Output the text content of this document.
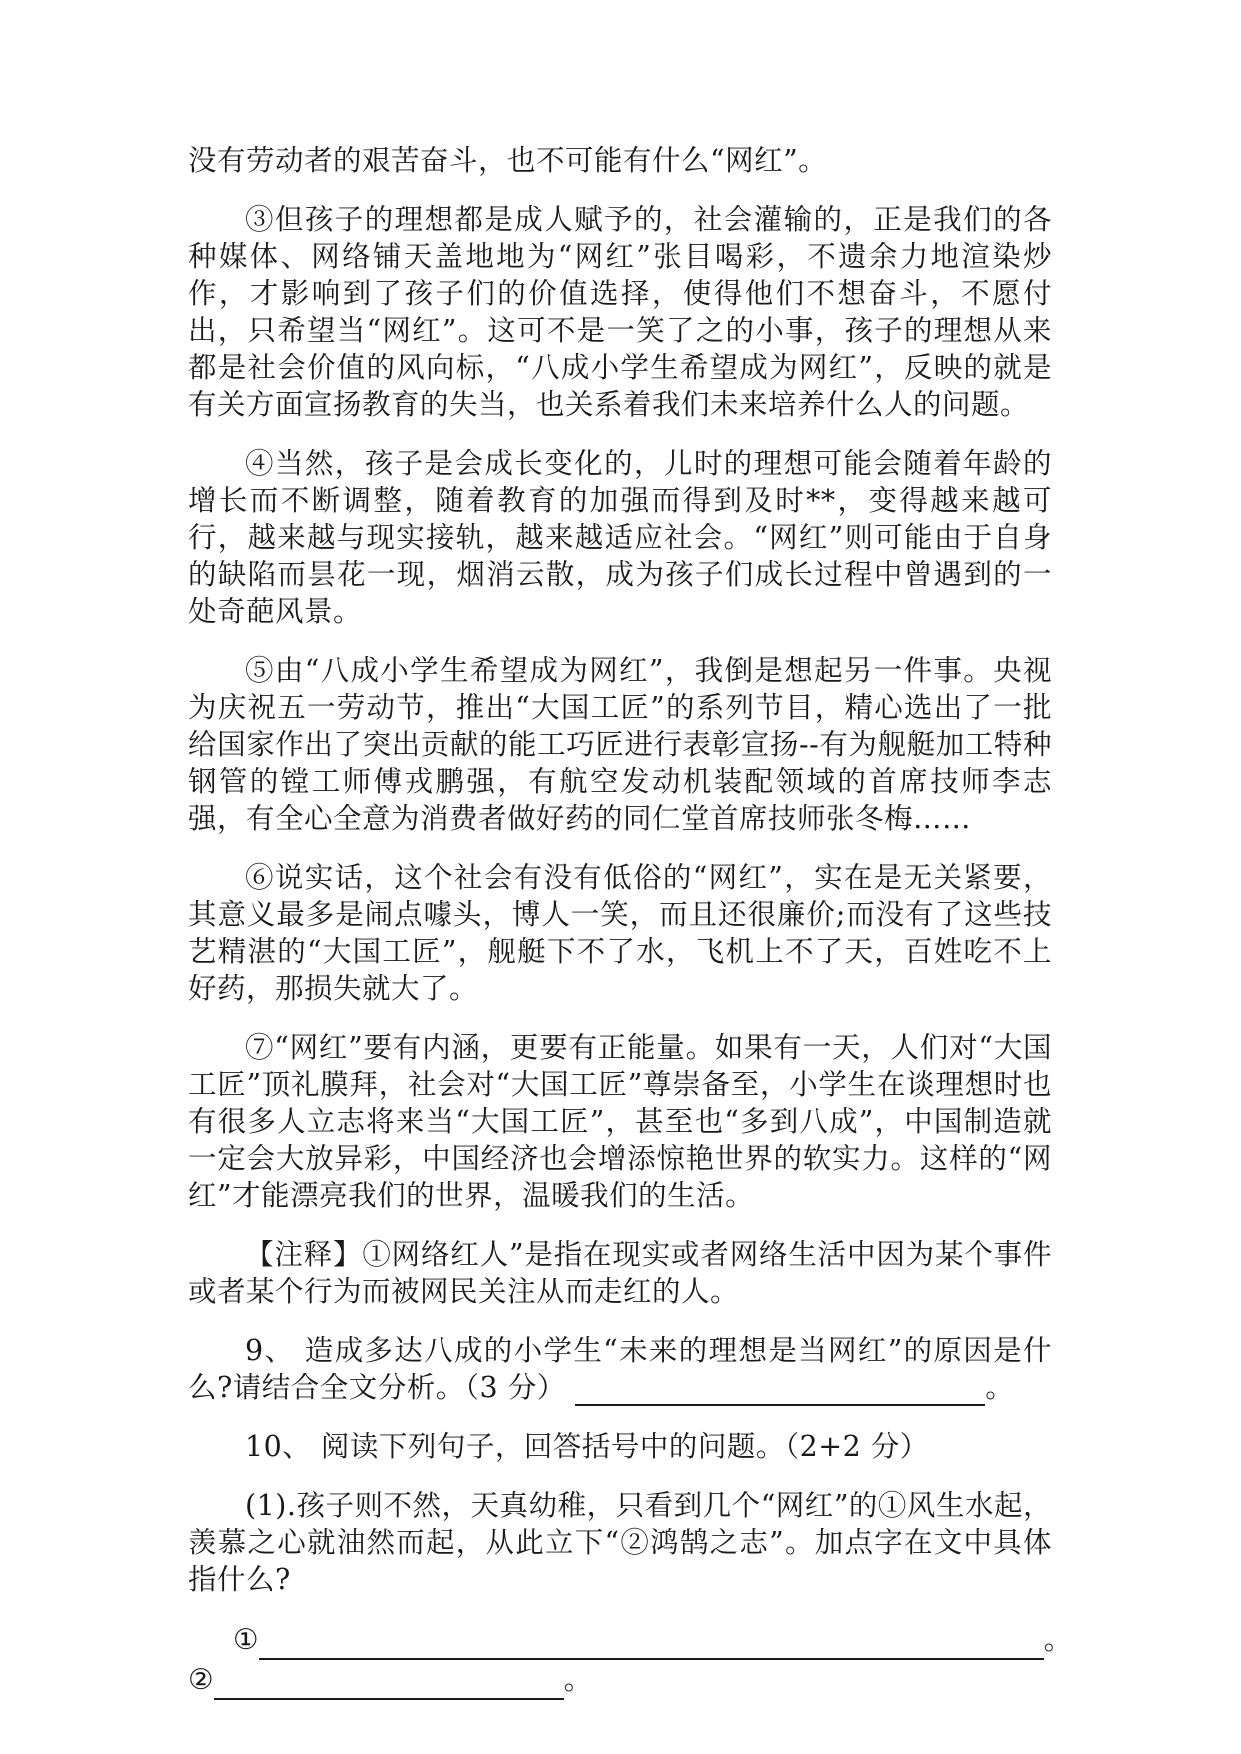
没有劳动者的艰苦奋斗，也不可能有什么“网红”。

③但孩子的理想都是成人赋予的，社会灌输的，正是我们的各种媒体、网络铺天盖地地为“网红”张目喝彩，不遗余力地渲染炒作，才影响到了孩子们的价值选择，使得他们不想奋斗，不愿付出，只希望当“网红”。这可不是一笑了之的小事，孩子的理想从来都是社会价值的风向标，“八成小学生希望成为网红”，反映的就是有关方面宣扬教育的失当，也关系着我们未来培养什么人的问题。

④当然，孩子是会成长变化的，儿时的理想可能会随着年龄的增长而不断调整，随着教育的加强而得到及时**，变得越来越可行，越来越与现实接轨，越来越适应社会。“网红”则可能由于自身的缺陷而昙花一现，烟消云散，成为孩子们成长过程中曾遇到的一处奇葩风景。

⑤由“八成小学生希望成为网红”，我倒是想起另一件事。央视为庆祝五一劳动节，推出“大国工匠”的系列节目，精心选出了一批给国家作出了突出贡献的能工巧匠进行表彰宣扬--有为舰艇加工特种钢管的镗工师傅戎鹏强，有航空发动机装配领域的首席技师李志强，有全心全意为消费者做好药的同仁堂首席技师张冬梅……

⑥说实话，这个社会有没有低俗的“网红”，实在是无关紧要，其意义最多是闹点噱头，博人一笑，而且还很廉价;而没有了这些技艺精湛的“大国工匠”，舰艇下不了水，飞机上不了天，百姓吃不上好药，那损失就大了。

⑦“网红”要有内涵，更要有正能量。如果有一天，人们对“大国工匠”顶礼膜拜，社会对“大国工匠”尊崇备至，小学生在谈理想时也有很多人立志将来当“大国工匠”，甚至也“多到八成”，中国制造就一定会大放异彩，中国经济也会增添惊艳世界的软实力。这样的“网红”才能漂亮我们的世界，温暖我们的生活。

【注释】①网络红人”是指在现实或者网络生活中因为某个事件或者某个行为而被网民关注从而走红的人。

9、 造成多达八成的小学生“未来的理想是当网红”的原因是什么?请结合全文分析。（3 分）	。

10、 阅读下列句子，回答括号中的问题。（2+2 分）

(1).孩子则不然，天真幼稚，只看到几个“网红”的①风生水起，羡慕之心就油然而起，从此立下“②鸿鹄之志”。加点字在文中具体指什么?

①	。
②	。
